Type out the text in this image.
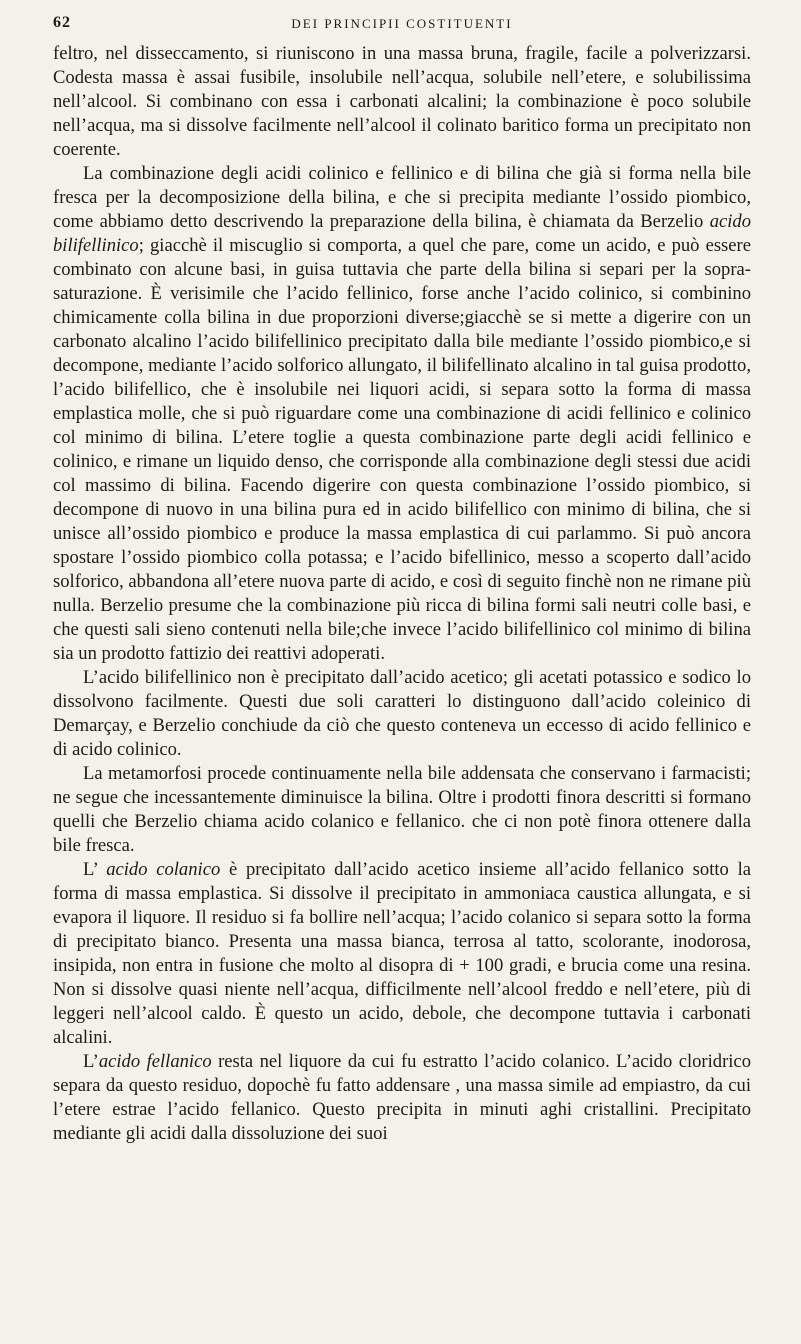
62	DEI PRINCIPII COSTITUENTI

feltro, nel disseccamento, si riuniscono in una massa bruna, fragile, facile a polverizzarsi. Codesta massa è assai fusibile, insolubile nell’acqua, solubile nell’etere, e solubilissima nell’alcool. Si combinano con essa i carbonati alcalini; la combinazione è poco solubile nell’acqua, ma si dissolve facilmente nell’alcool il colinato baritico forma un precipitato non coerente.

La combinazione degli acidi colinico e fellinico e di bilina che già si forma nella bile fresca per la decomposizione della bilina, e che si precipita mediante l’ossido piombico, come abbiamo detto descrivendo la preparazione della bilina, è chiamata da Berzelio acido bilifellinico; giacchè il miscuglio si comporta, a quel che pare, come un acido, e può essere combinato con alcune basi, in guisa tuttavia che parte della bilina si separi per la sopra-saturazione. È verisimile che l’acido fellinico, forse anche l’acido colinico, si combinino chimicamente colla bilina in due proporzioni diverse;giacchè se si mette a digerire con un carbonato alcalino l’acido bilifellinico precipitato dalla bile mediante l’ossido piombico,e si decompone, mediante l’acido solforico allungato, il bilifellinato alcalino in tal guisa prodotto, l’acido bilifellico, che è insolubile nei liquori acidi, si separa sotto la forma di massa emplastica molle, che si può riguardare come una combinazione di acidi fellinico e colinico col minimo di bilina. L’etere toglie a questa combinazione parte degli acidi fellinico e colinico, e rimane un liquido denso, che corrisponde alla combinazione degli stessi due acidi col massimo di bilina. Facendo digerire con questa combinazione l’ossido piombico, si decompone di nuovo in una bilina pura ed in acido bilifellico con minimo di bilina, che si unisce all’ossido piombico e produce la massa emplastica di cui parlammo. Si può ancora spostare l’ossido piombico colla potassa; e l’acido bifellinico, messo a scoperto dall’acido solforico, abbandona all’etere nuova parte di acido, e così di seguito finchè non ne rimane più nulla. Berzelio presume che la combinazione più ricca di bilina formi sali neutri colle basi, e che questi sali sieno contenuti nella bile;che invece l’acido bilifellinico col minimo di bilina sia un prodotto fattizio dei reattivi adoperati.

L’acido bilifellinico non è precipitato dall’acido acetico; gli acetati potassico e sodico lo dissolvono facilmente. Questi due soli caratteri lo distinguono dall’acido coleinico di Demarçay, e Berzelio conchiude da ciò che questo conteneva un eccesso di acido fellinico e di acido colinico.

La metamorfosi procede continuamente nella bile addensata che conservano i farmacisti; ne segue che incessantemente diminuisce la bilina. Oltre i prodotti finora descritti si formano quelli che Berzelio chiama acido colanico e fellanico. che ci non potè finora ottenere dalla bile fresca.

L’ acido colanico è precipitato dall’acido acetico insieme all’acido fellanico sotto la forma di massa emplastica. Si dissolve il precipitato in ammoniaca caustica allungata, e si evapora il liquore. Il residuo si fa bollire nell’acqua; l’acido colanico si separa sotto la forma di precipitato bianco. Presenta una massa bianca, terrosa al tatto, scolorante, inodorosa, insipida, non entra in fusione che molto al disopra di + 100 gradi, e brucia come una resina. Non si dissolve quasi niente nell’acqua, difficilmente nell’alcool freddo e nell’etere, più di leggeri nell’alcool caldo. È questo un acido, debole, che decompone tuttavia i carbonati alcalini.

L’acido fellanico resta nel liquore da cui fu estratto l’acido colanico. L’acido cloridrico separa da questo residuo, dopochè fu fatto addensare , una massa simile ad empiastro, da cui l’etere estrae l’acido fellanico. Questo precipita in minuti aghi cristallini. Precipitato mediante gli acidi dalla dissoluzione dei suoi
